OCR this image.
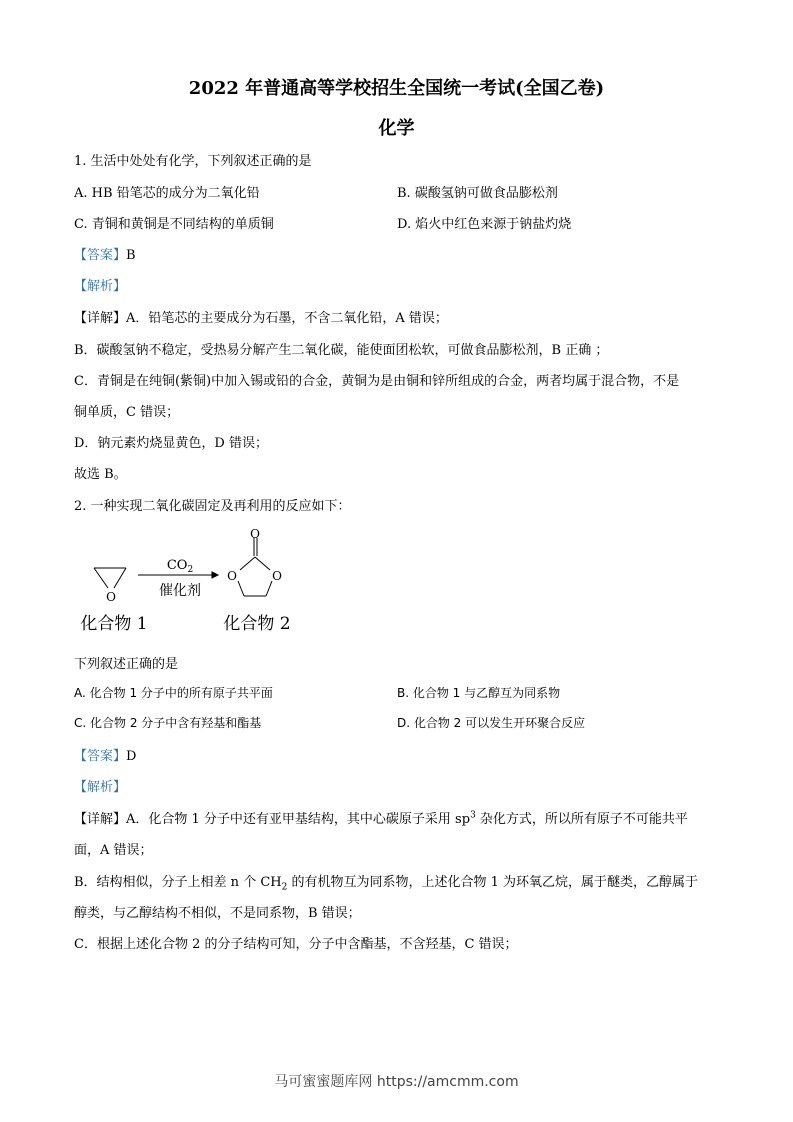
2022 年普通高等学校招生全国统一考试(全国乙卷)
化学
1. 生活中处处有化学，下列叙述正确的是
A. HB 铅笔芯的成分为二氧化铅	B. 碳酸氢钠可做食品膨松剂
C. 青铜和黄铜是不同结构的单质铜	D. 焰火中红色来源于钠盐灼烧
【答案】B
【解析】
【详解】A．铅笔芯的主要成分为石墨，不含二氧化铅，A 错误；
B．碳酸氢钠不稳定，受热易分解产生二氧化碳，能使面团松软，可做食品膨松剂，B 正确 ；
C．青铜是在纯铜(紫铜)中加入锡或铅的合金，黄铜为是由铜和锌所组成的合金，两者均属于混合物，不是
铜单质，C 错误；
D．钠元素灼烧显黄色，D 错误；
故选 B。
2. 一种实现二氧化碳固定及再利用的反应如下：
O
$CO_2$
催化剂
O
O	O
化合物 1	化合物 2
下列叙述正确的是
A. 化合物 1 分子中的所有原子共平面	B. 化合物 1 与乙醇互为同系物
C. 化合物 2 分子中含有羟基和酯基	D. 化合物 2 可以发生开环聚合反应
【答案】D
【解析】
【详解】A．化合物 1 分子中还有亚甲基结构，其中心碳原子采用 $sp^3$ 杂化方式，所以所有原子不可能共平
面，A 错误；
B．结构相似，分子上相差 n 个 $CH_2$ 的有机物互为同系物，上述化合物 1 为环氧乙烷，属于醚类，乙醇属于
醇类，与乙醇结构不相似，不是同系物，B 错误；
C．根据上述化合物 2 的分子结构可知，分子中含酯基，不含羟基，C 错误；
马可蜜蜜题库网 https://amcmm.com
